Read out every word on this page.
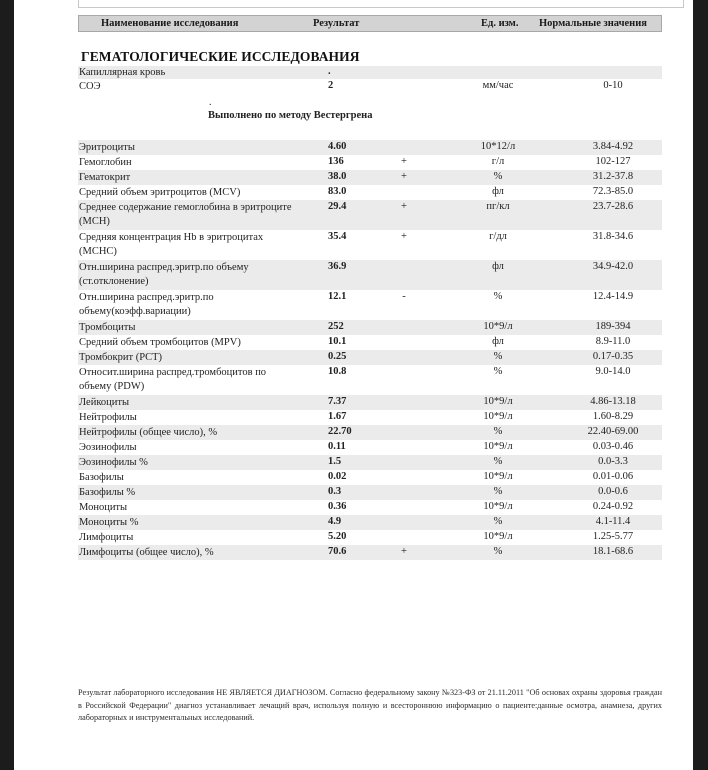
Наименование исследования	Результат	Ед. изм. Нормальные значения
ГЕМАТОЛОГИЧЕСКИЕ ИССЛЕДОВАНИЯ
Капиллярная кровь	.
СОЭ	2	мм/час	0-10
.
Выполнено по методу Вестергрена
Эритроциты	4.60	10*12/л	3.84-4.92
Гемоглобин	136	+	г/л	102-127
Гематокрит	38.0	+	%	31.2-37.8
Средний объем эритроцитов (MCV)	83.0	фл	72.3-85.0
Среднее содержание гемоглобина в эритроците (MCH)
29.4	+	пг/кл	23.7-28.6
Средняя концентрация Hb в эритроцитах (MCHC)
35.4	+	г/дл	31.8-34.6
Отн.ширина распред.эритр.по объему (ст.отклонение)
36.9	фл	34.9-42.0
Отн.ширина распред.эритр.по объему(коэфф.вариации)
12.1	-	%	12.4-14.9
Тромбоциты	252	10*9/л	189-394
Средний объем тромбоцитов (MPV)	10.1	фл	8.9-11.0
Тромбокрит (PCT)	0.25	%	0.17-0.35
Относит.ширина распред.тромбоцитов по объему (PDW)
10.8	%	9.0-14.0
Лейкоциты	7.37	10*9/л	4.86-13.18
Нейтрофилы	1.67	10*9/л	1.60-8.29
Нейтрофилы (общее число), %	22.70	%	22.40-69.00
Эозинофилы	0.11	10*9/л	0.03-0.46
Эозинофилы %	1.5	%	0.0-3.3
Базофилы	0.02	10*9/л	0.01-0.06
Базофилы %	0.3	%	0.0-0.6
Моноциты	0.36	10*9/л	0.24-0.92
Моноциты %	4.9	%	4.1-11.4
Лимфоциты	5.20	10*9/л	1.25-5.77
Лимфоциты (общее число), %	70.6	+	%	18.1-68.6
Результат лабораторного исследования НЕ ЯВЛЯЕТСЯ ДИАГНОЗОМ. Согласно федеральному закону №323-ФЗ от 21.11.2011 "Об основах охраны здоровья граждан в Российской Федерации" диагноз устанавливает лечащий врач, используя полную и всестороннюю информацию о пациенте:данные осмотра, анамнеза, других лабораторных и инструментальных исследований.
